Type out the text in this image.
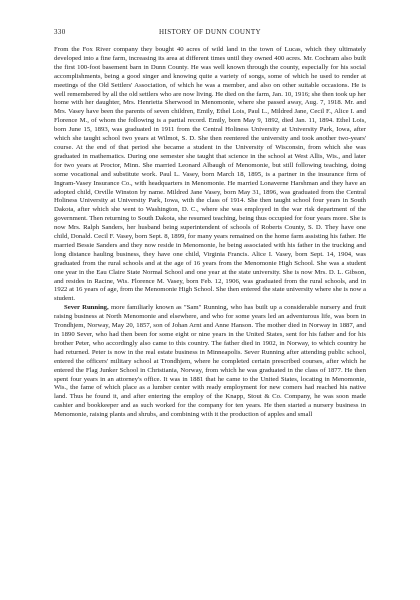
330	HISTORY OF DUNN COUNTY

From the Fox River company they bought 40 acres of wild land in the town of Lucas, which they ultimately developed into a fine farm, increasing its area at different times until they owned 400 acres. Mr. Cochram also built the first 100-foot basement barn in Dunn County. He was well known through the county, especially for his social accomplishments, being a good singer and knowing quite a variety of songs, some of which he used to render at meetings of the Old Settlers' Association, of which he was a member, and also on other suitable occasions. He is well remembered by all the old settlers who are now living. He died on the farm, Jan. 10, 1916; she then took up her home with her daughter, Mrs. Henrietta Sherwood in Menomonie, where she passed away, Aug. 7, 1918. Mr. and Mrs. Vasey have been the parents of seven children, Emily, Ethel Lois, Paul L., Mildred Jane, Cecil F., Alice I. and Florence M., of whom the following is a partial record. Emily, born May 9, 1892, died Jan. 11, 1894. Ethel Lois, born June 15, 1893, was graduated in 1911 from the Central Holiness University at University Park, Iowa, after which she taught school two years at Wilmot, S. D. She then reentered the university and took another two-years' course. At the end of that period she became a student in the University of Wisconsin, from which she was graduated in mathematics. During one semester she taught that science in the school at West Allis, Wis., and later for two years at Proctor, Minn. She married Leonard Albaugh of Menomonie, but still following teaching, doing some vocational and substitute work. Paul L. Vasey, born March 18, 1895, is a partner in the insurance firm of Ingram-Vasey Insurance Co., with headquarters in Menomonie. He married Lonaverne Harshman and they have an adopted child, Orville Winston by name. Mildred Jane Vasey, born May 31, 1896, was graduated from the Central Holiness University at University Park, Iowa, with the class of 1914. She then taught school four years in South Dakota, after which she went to Washington, D. C., where she was employed in the war risk department of the government. Then returning to South Dakota, she resumed teaching, being thus occupied for four years more. She is now Mrs. Ralph Sanders, her husband being superintendent of schools of Roberts County, S. D. They have one child, Donald. Cecil F. Vasey, born Sept. 8, 1899, for many years remained on the home farm assisting his father. He married Bessie Sanders and they now reside in Menomonie, he being associated with his father in the trucking and long distance hauling business, they have one child, Virginia Francis. Alice I. Vasey, born Sept. 14, 1904, was graduated from the rural schools and at the age of 16 years from the Menomonie High School. She was a student one year in the Eau Claire State Normal School and one year at the state university. She is now Mrs. D. L. Gibson, and resides in Racine, Wis. Florence M. Vasey, born Feb. 12, 1906, was graduated from the rural schools, and in 1922 at 16 years of age, from the Menomonie High School. She then entered the state university where she is now a student.

Sever Running, more familiarly known as "Sam" Running, who has built up a considerable nursery and fruit raising business at North Menomonie and elsewhere, and who for some years led an adventurous life, was born in Trondhjem, Norway, May 20, 1857, son of Johan Arnt and Anne Hanson. The mother died in Norway in 1887, and in 1890 Sever, who had then been for some eight or nine years in the United States, sent for his father and for his brother Peter, who accordingly also came to this country. The father died in 1902, in Norway, to which country he had returned. Peter is now in the real estate business in Minneapolis. Sever Running after attending public school, entered the officers' military school at Trondhjem, where he completed certain prescribed courses, after which he entered the Flag Junker School in Christiania, Norway, from which he was graduated in the class of 1877. He then spent four years in an attorney's office. It was in 1881 that he came to the United States, locating in Menomonie, Wis., the fame of which place as a lumber center with ready employment for new comers had reached his native land. Thus he found it, and after entering the employ of the Knapp, Stout & Co. Company, he was soon made cashier and bookkeeper and as such worked for the company for ten years. He then started a nursery business in Menomonie, raising plants and shrubs, and combining with it the production of apples and small
